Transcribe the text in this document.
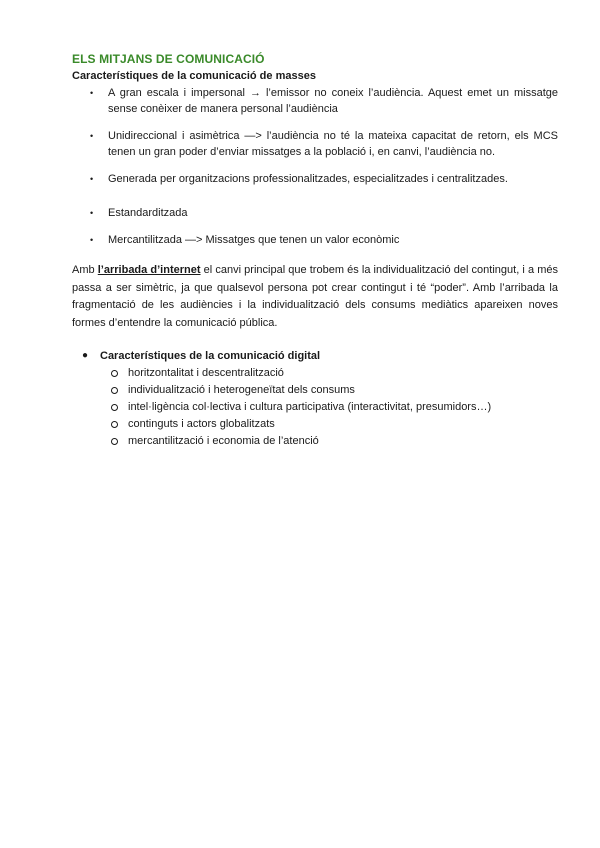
ELS MITJANS DE COMUNICACIÓ
Característiques de la comunicació de masses
• A gran escala i impersonal → l’emissor no coneix l’audiència. Aquest emet un missatge sense conèixer de manera personal l’audiència
• Unidireccional i asimètrica —> l’audiència no té la mateixa capacitat de retorn, els MCS tenen un gran poder d’enviar missatges a la població i, en canvi, l’audiència no.
• Generada per organitzacions professionalitzades, especialitzades i centralitzades.
• Estandarditzada
• Mercantilitzada —> Missatges que tenen un valor econòmic

Amb l’arribada d’internet el canvi principal que trobem és la individualització del contingut, i a més passa a ser simètric, ja que qualsevol persona pot crear contingut i té “poder”. Amb l’arribada la fragmentació de les audiències i la individualització dels consums mediàtics apareixen noves formes d’entendre la comunicació pública.

● Característiques de la comunicació digital
horitzontalitat i descentralització
individualització i heterogeneïtat dels consums
intel·ligència col·lectiva i cultura participativa (interactivitat, presumidors…)
continguts i actors globalitzats
mercantilització i economia de l’atenció
